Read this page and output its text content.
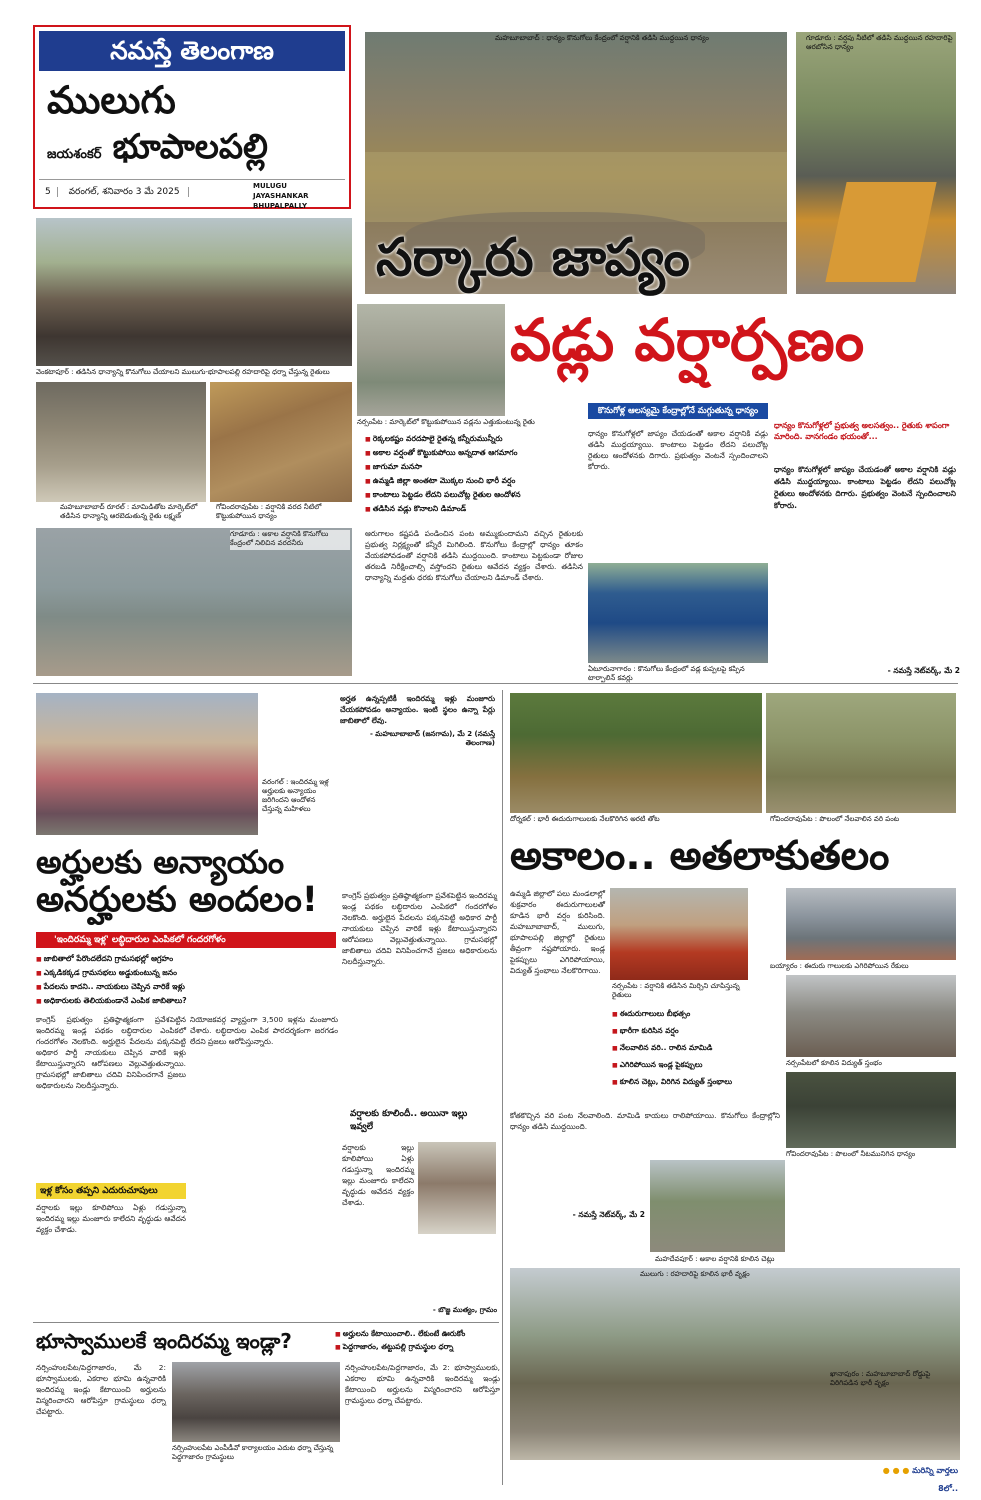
నమస్తే తెలంగాణ
ములుగు
జయశంకర్ భూపాలపల్లి
5 వరంగల్‌, శనివారం 3 మే 2025
MULUGU
JAYASHANKAR BHUPALPALLY
మహబూబాబాద్‌ : ధాన్యం కొనుగోలు కేంద్రంలో వర్షానికి తడిసి ముద్దయిన ధాన్యం	గూడూరు : వర్షపు నీటిలో తడిసి ముద్దయిన రహదారిపై ఆరబోసిన ధాన్యం
సర్కారు జాప్యం
వడ్లు వర్షార్పణం
వెంకటాపూర్‌ : తడిసిన ధాన్యాన్ని కొనుగోలు చేయాలని ములుగు-భూపాలపల్లి రహదారిపై ధర్నా చేస్తున్న రైతులు
మహబూబాబాద్‌ రూరల్‌ : మామిడితోట మార్కెట్‌లో తడిసిన ధాన్యాన్ని ఆరబెడుతున్న రైతు లక్ష్మణ్‌
గోవిందరావుపేట : వర్షానికి వరద నీటిలో కొట్టుకుపోయిన ధాన్యం
గూడూరు : అకాల వర్షానికి కొనుగోలు కేంద్రంలో నిలిచిన వరదనీరు
నర్సంపేట : మార్కెట్‌లో కొట్టుకుపోయిన వడ్లను ఎత్తుకుంటున్న రైతు
కొనుగోళ్ల ఆలస్యమై కేంద్రాల్లోనే మగ్గుతున్న ధాన్యం
■ రెక్కలకష్టం వరదపాలై రైతన్న కన్నీరుమున్నీరు
■ అకాల వర్షంతో కొట్టుకుపోయి అన్నదాత ఆగమాగం
■ జాగుమా మనసా
■ ఉమ్మడి జిల్లా అంతటా మొక్కల నుంచి భారీ వర్షం
■ కాంటాలు పెట్టడం లేదని పలుచోట్ల రైతుల ఆందోళన
■ తడిసిన వడ్లు కొనాలని డిమాండ్‌
ఆరుగాలం కష్టపడి పండించిన పంట అమ్ముకుందామని వచ్చిన రైతులకు ప్రభుత్వ నిర్లక్ష్యంతో కన్నీరే మిగిలింది. కొనుగోలు కేంద్రాల్లో ధాన్యం తూకం వేయకపోవడంతో వర్షానికి తడిసి ముద్దయింది. కాంటాలు పెట్టకుండా రోజుల తరబడి నిరీక్షించాల్సి వస్తోందని రైతులు ఆవేదన వ్యక్తం చేశారు. తడిసిన ధాన్యాన్ని మద్దతు ధరకు కొనుగోలు చేయాలని డిమాండ్‌ చేశారు.
ధాన్యం కొనుగోళ్లలో జాప్యం చేయడంతో అకాల వర్షానికి వడ్లు తడిసి ముద్దయ్యాయి. కాంటాలు పెట్టడం లేదని పలుచోట్ల రైతులు ఆందోళనకు దిగారు. ప్రభుత్వం వెంటనే స్పందించాలని కోరారు.
ఏటూరునాగారం : కొనుగోలు కేంద్రంలో వడ్ల కుప్పలపై కప్పిన టార్పాలిన్‌ కవర్లు
ధాన్యం కొనుగోళ్లలో ప్రభుత్వ అలసత్వం.. రైతుకు శాపంగా మారింది. వానగండం భయంతో...

ధాన్యం కొనుగోళ్లలో జాప్యం చేయడంతో అకాల వర్షానికి వడ్లు తడిసి ముద్దయ్యాయి. కాంటాలు పెట్టడం లేదని పలుచోట్ల రైతులు ఆందోళనకు దిగారు. ప్రభుత్వం వెంటనే స్పందించాలని కోరారు.

- నమస్తే నెట్‌వర్క్‌, మే 2
వరంగల్‌ : ఇందిరమ్మ ఇళ్ల అర్హులకు అన్యాయం జరిగిందని ఆందోళన చేస్తున్న మహిళలు
అర్హత ఉన్నప్పటికీ ఇందిరమ్మ ఇళ్లు మంజూరు చేయకపోవడం అన్యాయం. ఇంటి స్థలం ఉన్నా పేర్లు జాబితాలో లేవు.
- మహబూబాబాద్‌ (జనగామ), మే 2 (నమస్తే తెలంగాణ)
అర్హులకు అన్యాయం
అనర్హులకు అందలం!
'ఇందిరమ్మ ఇళ్ల' లబ్ధిదారుల ఎంపికలో గందరగోళం
■ జాబితాలో పేరొందలేదని గ్రామసభల్లో ఆగ్రహం
■ ఎక్కడికక్కడ గ్రామసభలు అడ్డుకుంటున్న జనం
■ పేదలను కాదని.. నాయకులు చెప్పిన వారికే ఇళ్లు
■ అధికారులకు తెలియకుండానే ఎంపిక జాబితాలు?
కాంగ్రెస్‌ ప్రభుత్వం ప్రతిష్ఠాత్మకంగా ప్రవేశపెట్టిన ఇందిరమ్మ ఇండ్ల పథకం లబ్ధిదారుల ఎంపికలో గందరగోళం నెలకొంది. అర్హులైన పేదలను పక్కనపెట్టి అధికార పార్టీ నాయకులు చెప్పిన వారికే ఇళ్లు కేటాయిస్తున్నారని ఆరోపణలు వెల్లువెత్తుతున్నాయి. గ్రామసభల్లో జాబితాలు చదివి వినిపించగానే ప్రజలు అధికారులను నిలదీస్తున్నారు.
నియోజకవర్గ వ్యాప్తంగా 3,500 ఇళ్లను మంజూరు చేశారు. లబ్ధిదారుల ఎంపిక పారదర్శకంగా జరగడం లేదని ప్రజలు ఆరోపిస్తున్నారు.
ఇళ్ల కోసం తప్పని ఎదురుచూపులు
వర్షాలకు ఇల్లు కూలిపోయి ఏళ్లు గడుస్తున్నా ఇందిరమ్మ ఇల్లు మంజూరు కాలేదని వృద్ధుడు ఆవేదన వ్యక్తం చేశాడు.
కాంగ్రెస్‌ ప్రభుత్వం ప్రతిష్ఠాత్మకంగా ప్రవేశపెట్టిన ఇందిరమ్మ ఇండ్ల పథకం లబ్ధిదారుల ఎంపికలో గందరగోళం నెలకొంది. అర్హులైన పేదలను పక్కనపెట్టి అధికార పార్టీ నాయకులు చెప్పిన వారికే ఇళ్లు కేటాయిస్తున్నారని ఆరోపణలు వెల్లువెత్తుతున్నాయి. గ్రామసభల్లో జాబితాలు చదివి వినిపించగానే ప్రజలు అధికారులను నిలదీస్తున్నారు.
వర్షాలకు కూలిందీ.. అయినా ఇల్లు ఇవ్వలే
వర్షాలకు ఇల్లు కూలిపోయి ఏళ్లు గడుస్తున్నా ఇందిరమ్మ ఇల్లు మంజూరు కాలేదని వృద్ధుడు ఆవేదన వ్యక్తం చేశాడు.
- బొజ్జ ముత్యం, గ్రామం
భూస్వాములకే ఇందిరమ్మ ఇండ్లా?
■	అర్హులను కేటాయించాలి.. లేకుంటే ఊరుకోం
■ పెద్దగాజారం, తట్టుపల్లి గ్రామస్థుల ధర్నా
నర్సింహులపేట/పెద్దగాజారం, మే 2: భూస్వాములకు, ఎకరాల భూమి ఉన్నవారికి ఇందిరమ్మ ఇండ్లు కేటాయించి అర్హులను విస్మరించారని ఆరోపిస్తూ గ్రామస్థులు ధర్నా చేపట్టారు.
నర్సింహులపేట ఎంపీడీవో కార్యాలయం ఎదుట ధర్నా చేస్తున్న పెద్దగాజారం గ్రామస్థులు
నర్సింహులపేట/పెద్దగాజారం, మే 2: భూస్వాములకు, ఎకరాల భూమి ఉన్నవారికి ఇందిరమ్మ ఇండ్లు కేటాయించి అర్హులను విస్మరించారని ఆరోపిస్తూ గ్రామస్థులు ధర్నా చేపట్టారు.
దోర్నకల్‌ : భారీ ఈదురుగాలులకు నేలకొరిగిన అరటి తోట	గోవిందరావుపేట : పొలంలో నేలవాలిన వరి పంట
అకాలం.. అతలాకుతలం
ఉమ్మడి జిల్లాలో పలు మండలాల్లో శుక్రవారం ఈదురుగాలులతో కూడిన భారీ వర్షం కురిసింది. మహబూబాబాద్‌, ములుగు, భూపాలపల్లి జిల్లాల్లో రైతులు తీవ్రంగా నష్టపోయారు. ఇండ్ల పైకప్పులు ఎగిరిపోయాయి, విద్యుత్‌ స్తంభాలు నేలకొరిగాయి.
నర్సంపేట : వర్షానికి తడిసిన మిర్చిని చూపిస్తున్న రైతులు
■ ఈదురుగాలులు బీభత్సం
■ భారీగా కురిసిన వర్షం
■ నేలవాలిన వరి.. రాలిన మామిడి
■ ఎగిరిపోయిన ఇండ్ల పైకప్పులు
■ కూలిన చెట్లు, విరిగిన విద్యుత్‌ స్తంభాలు
బయ్యారం : ఈదురు గాలులకు ఎగిరిపోయిన రేకులు
నర్సంపేటలో కూలిన విద్యుత్‌ స్తంభం
గోవిందరావుపేట : పొలంలో నీటమునిగిన ధాన్యం
కోతకొచ్చిన వరి పంట నేలవాలింది. మామిడి కాయలు రాలిపోయాయి. కొనుగోలు కేంద్రాల్లోని ధాన్యం తడిసి ముద్దయింది.
మహదేవపూర్‌ : అకాల వర్షానికి కూలిన చెట్లు
- నమస్తే నెట్‌వర్క్‌, మే 2
ములుగు : రహదారిపై కూలిన భారీ వృక్షం
ఖానాపురం : మహబూబాబాద్‌ రోడ్డుపై విరిగిపడిన భారీ వృక్షం
● ● ● మరిన్ని వార్తలు 8లో..
